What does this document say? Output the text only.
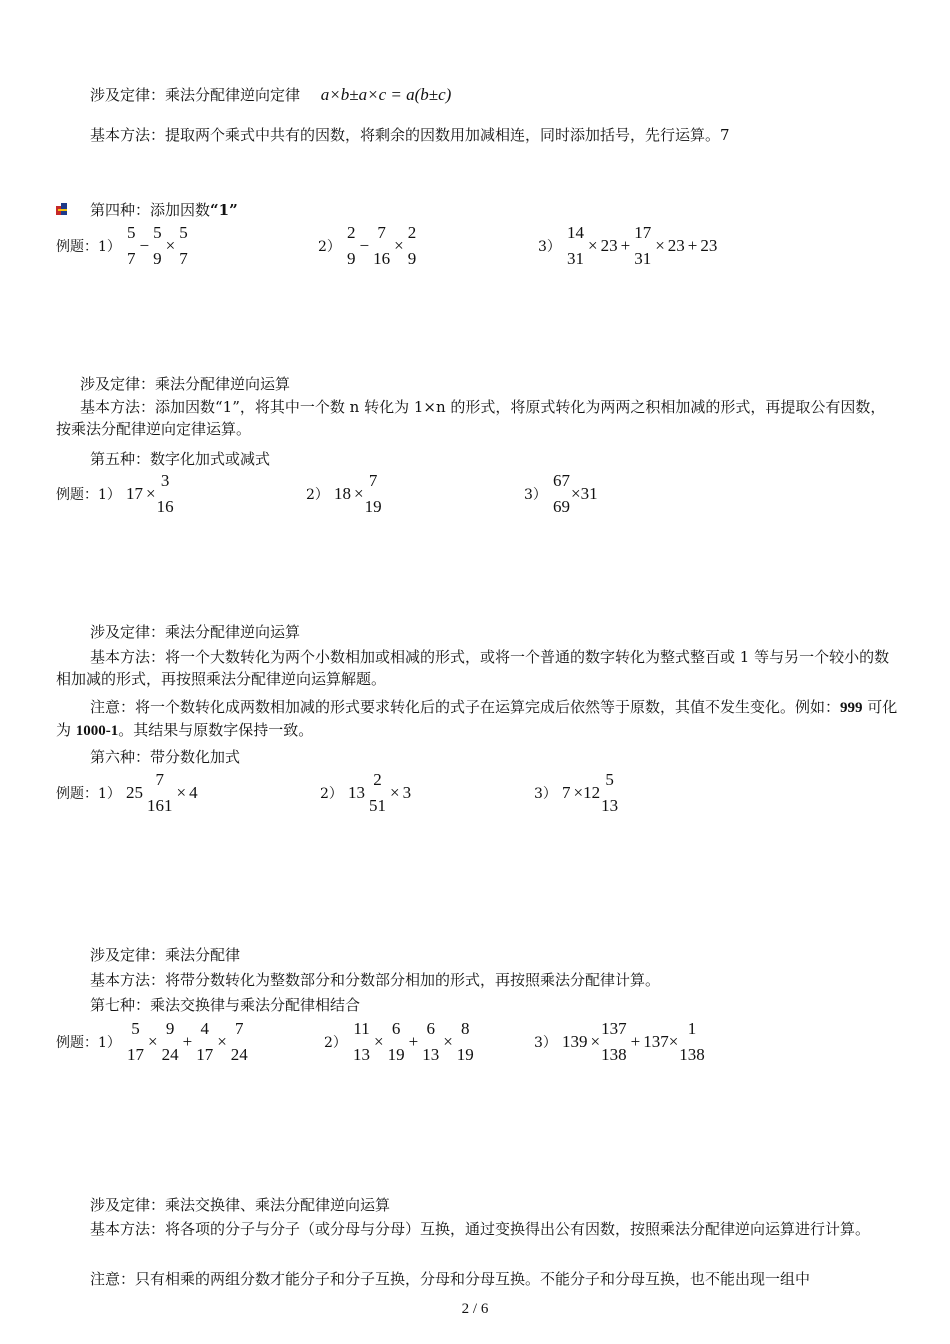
涉及定律：乘法分配律逆向定律 a×b±a×c = a(b±c)
基本方法：提取两个乘式中共有的因数，将剩余的因数用加减相连，同时添加括号，先行运算。7
第四种：添加因数“1”
例题：1）
5
7
−
5
9
×
5
7
2）
2
9
−
7
16
×
2
9
3）
14
31
× 23 +
17
31
× 23 + 23
涉及定律：乘法分配律逆向运算
基本方法：添加因数“1”，将其中一个数 n 转化为 1×n 的形式，将原式转化为两两之积相加减的形式，再提取公有因数，按乘法分配律逆向定律运算。
第五种：数字化加式或减式
例题：1） 17 ×
3
16
2） 18 ×
7
19
3）
67
69
×31
涉及定律：乘法分配律逆向运算
基本方法：将一个大数转化为两个小数相加或相减的形式，或将一个普通的数字转化为整式整百或 1 等与另一个较小的数相加减的形式，再按照乘法分配律逆向运算解题。
注意：将一个数转化成两数相加减的形式要求转化后的式子在运算完成后依然等于原数，其值不发生变化。例如：999 可化为 1000-1。其结果与原数字保持一致。
第六种：带分数化加式
例题：1） 25
7
161
× 4	2） 13
2
51
× 3	3） 7 ×12
5
13
涉及定律：乘法分配律
基本方法：将带分数转化为整数部分和分数部分相加的形式，再按照乘法分配律计算。
第七种：乘法交换律与乘法分配律相结合
例题：1）
5
17
×
9
24
+
4
17
×
7
24
2）
11
13
×
6
19
+
6
13
×
8
19
3） 139 ×
137
138
+ 137×
1
138
涉及定律：乘法交换律、乘法分配律逆向运算
基本方法：将各项的分子与分子（或分母与分母）互换，通过变换得出公有因数，按照乘法分配律逆向运算进行计算。
注意：只有相乘的两组分数才能分子和分子互换，分母和分母互换。不能分子和分母互换，也不能出现一组中
2 / 6
